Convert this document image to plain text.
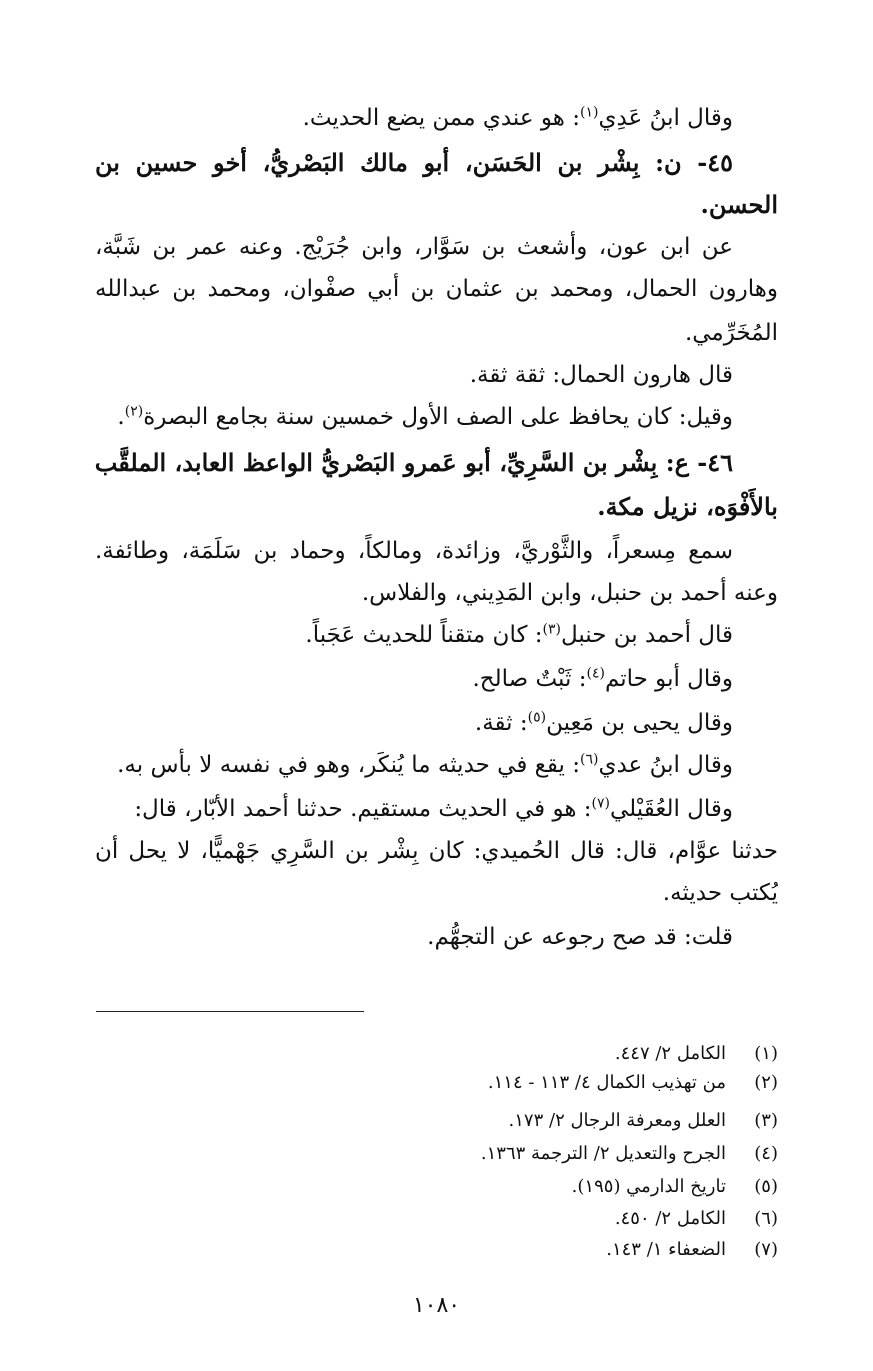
وقال ابنُ عَدِي$^{(١)}$: هو عندي ممن يضع الحديث.
٤٥- ن: بِشْر بن الحَسَن، أبو مالك البَصْريُّ، أخو حسين بن
الحسن.
عن ابن عون، وأشعث بن سَوَّار، وابن جُرَيْج. وعنه عمر بن شَبَّة،
وهارون الحمال، ومحمد بن عثمان بن أبي صفْوان، ومحمد بن عبدالله
المُخَرِّمي.
قال هارون الحمال: ثقة ثقة.
وقيل: كان يحافظ على الصف الأول خمسين سنة بجامع البصرة$^{(٢)}$.
٤٦- ع: بِشْر بن السَّرِيِّ، أبو عَمرو البَصْريُّ الواعظ العابد، الملقَّب
بالأَفْوَه، نزيل مكة.
سمع مِسعراً، والثَّوْريَّ، وزائدة، ومالكاً، وحماد بن سَلَمَة، وطائفة.
وعنه أحمد بن حنبل، وابن المَدِيني، والفلاس.
قال أحمد بن حنبل$^{(٣)}$: كان متقناً للحديث عَجَباً.
وقال أبو حاتم$^{(٤)}$: ثَبْتٌ صالح.
وقال يحيى بن مَعِين$^{(٥)}$: ثقة.
وقال ابنُ عدي$^{(٦)}$: يقع في حديثه ما يُنكَر، وهو في نفسه لا بأس به.
وقال العُقَيْلي$^{(٧)}$: هو في الحديث مستقيم. حدثنا أحمد الأبّار، قال:
حدثنا عوَّام، قال: قال الحُميدي: كان بِشْر بن السَّرِي جَهْميًّا، لا يحل أن
يُكتب حديثه.
قلت: قد صح رجوعه عن التجهُّم.
(١)الكامل ٢/ ٤٤٧.
(٢)من تهذيب الكمال ٤/ ١١٣ - ١١٤.
(٣)العلل ومعرفة الرجال ٢/ ١٧٣.
(٤)الجرح والتعديل ٢/ الترجمة ١٣٦٣.
(٥)تاريخ الدارمي (١٩٥).
(٦)الكامل ٢/ ٤٥٠.
(٧)الضعفاء ١/ ١٤٣.
١٠٨٠
